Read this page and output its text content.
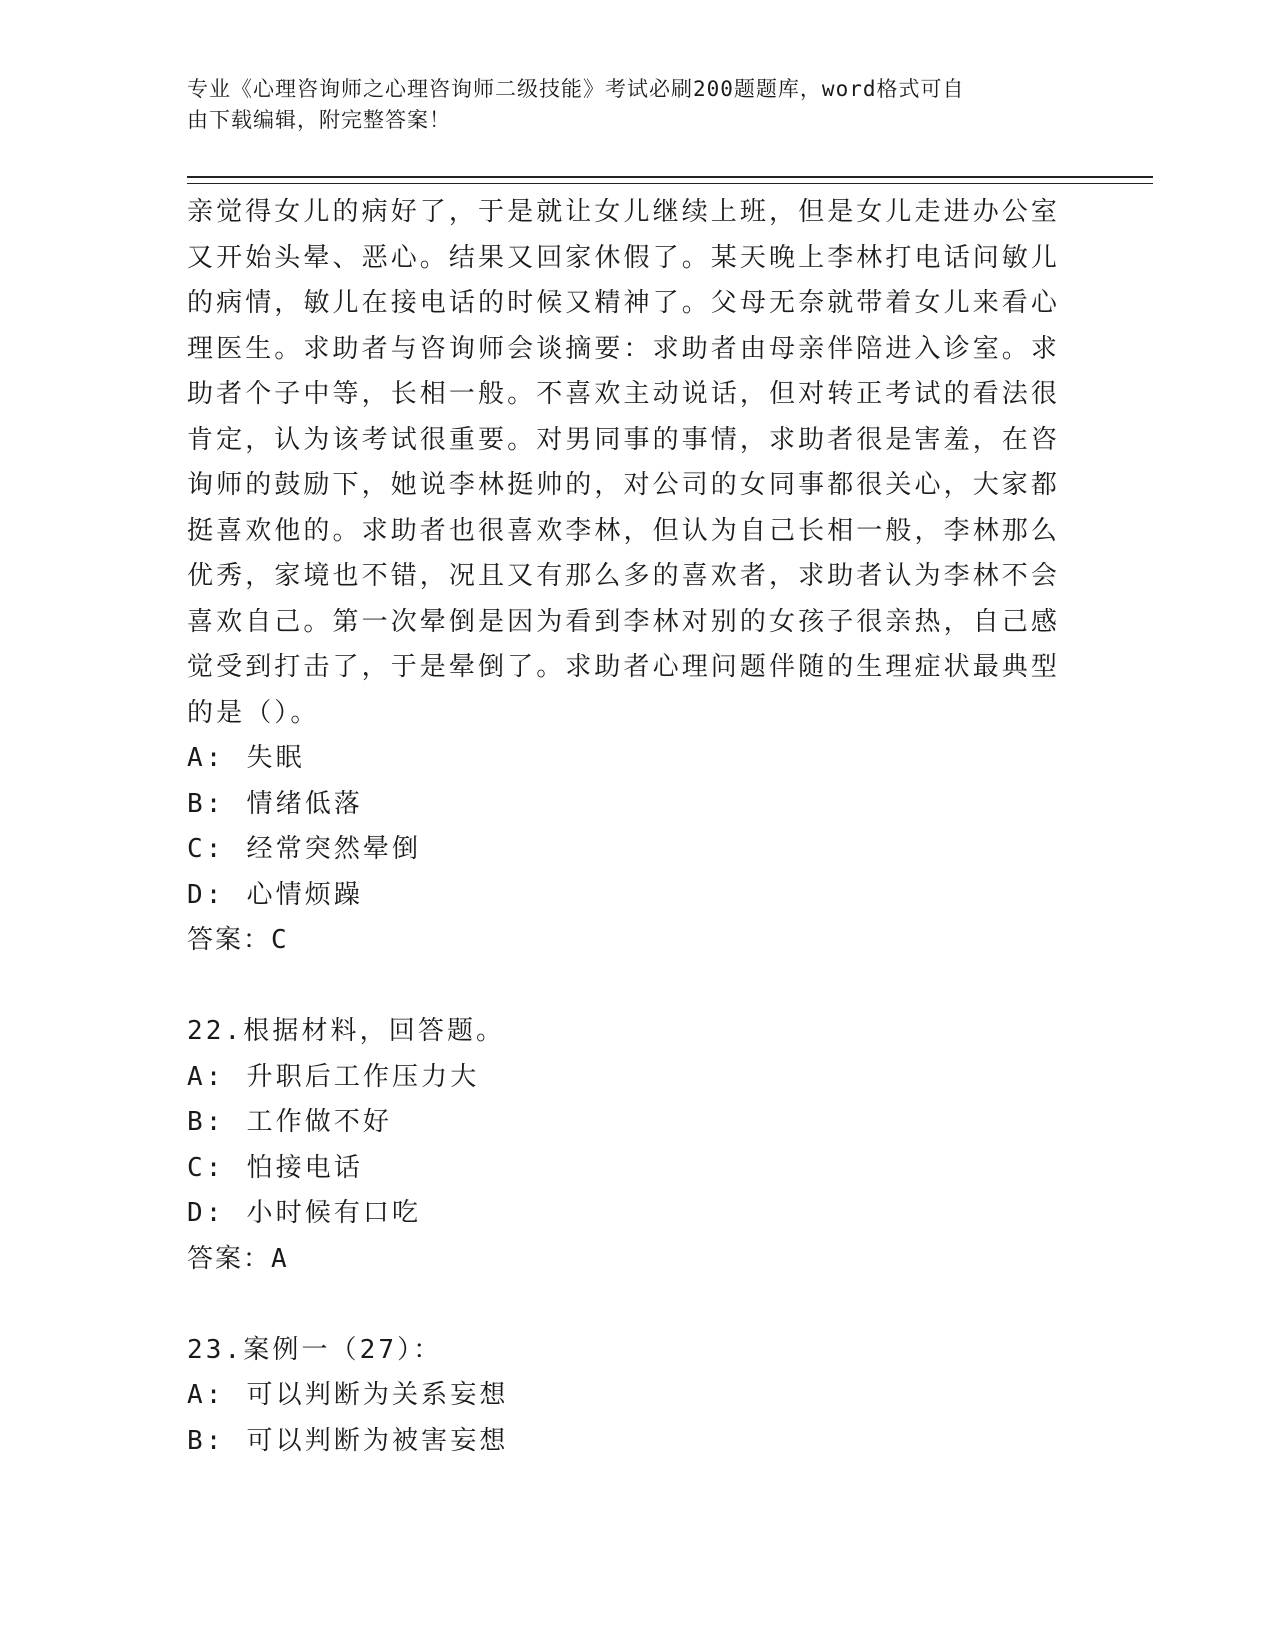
专业《心理咨询师之心理咨询师二级技能》考试必刷200题题库，word格式可自
由下载编辑，附完整答案！
亲觉得女儿的病好了，于是就让女儿继续上班，但是女儿走进办公室
又开始头晕、恶心。结果又回家休假了。某天晚上李林打电话问敏儿
的病情，敏儿在接电话的时候又精神了。父母无奈就带着女儿来看心
理医生。求助者与咨询师会谈摘要：求助者由母亲伴陪进入诊室。求
助者个子中等，长相一般。不喜欢主动说话，但对转正考试的看法很
肯定，认为该考试很重要。对男同事的事情，求助者很是害羞，在咨
询师的鼓励下，她说李林挺帅的，对公司的女同事都很关心，大家都
挺喜欢他的。求助者也很喜欢李林，但认为自己长相一般，李林那么
优秀，家境也不错，况且又有那么多的喜欢者，求助者认为李林不会
喜欢自己。第一次晕倒是因为看到李林对别的女孩子很亲热，自己感
觉受到打击了，于是晕倒了。求助者心理问题伴随的生理症状最典型
的是（）。
A: 失眠
B: 情绪低落
C: 经常突然晕倒
D: 心情烦躁
答案：C
22.根据材料，回答题。
A: 升职后工作压力大
B: 工作做不好
C: 怕接电话
D: 小时候有口吃
答案：A
23.案例一（27）：
A: 可以判断为关系妄想
B: 可以判断为被害妄想
